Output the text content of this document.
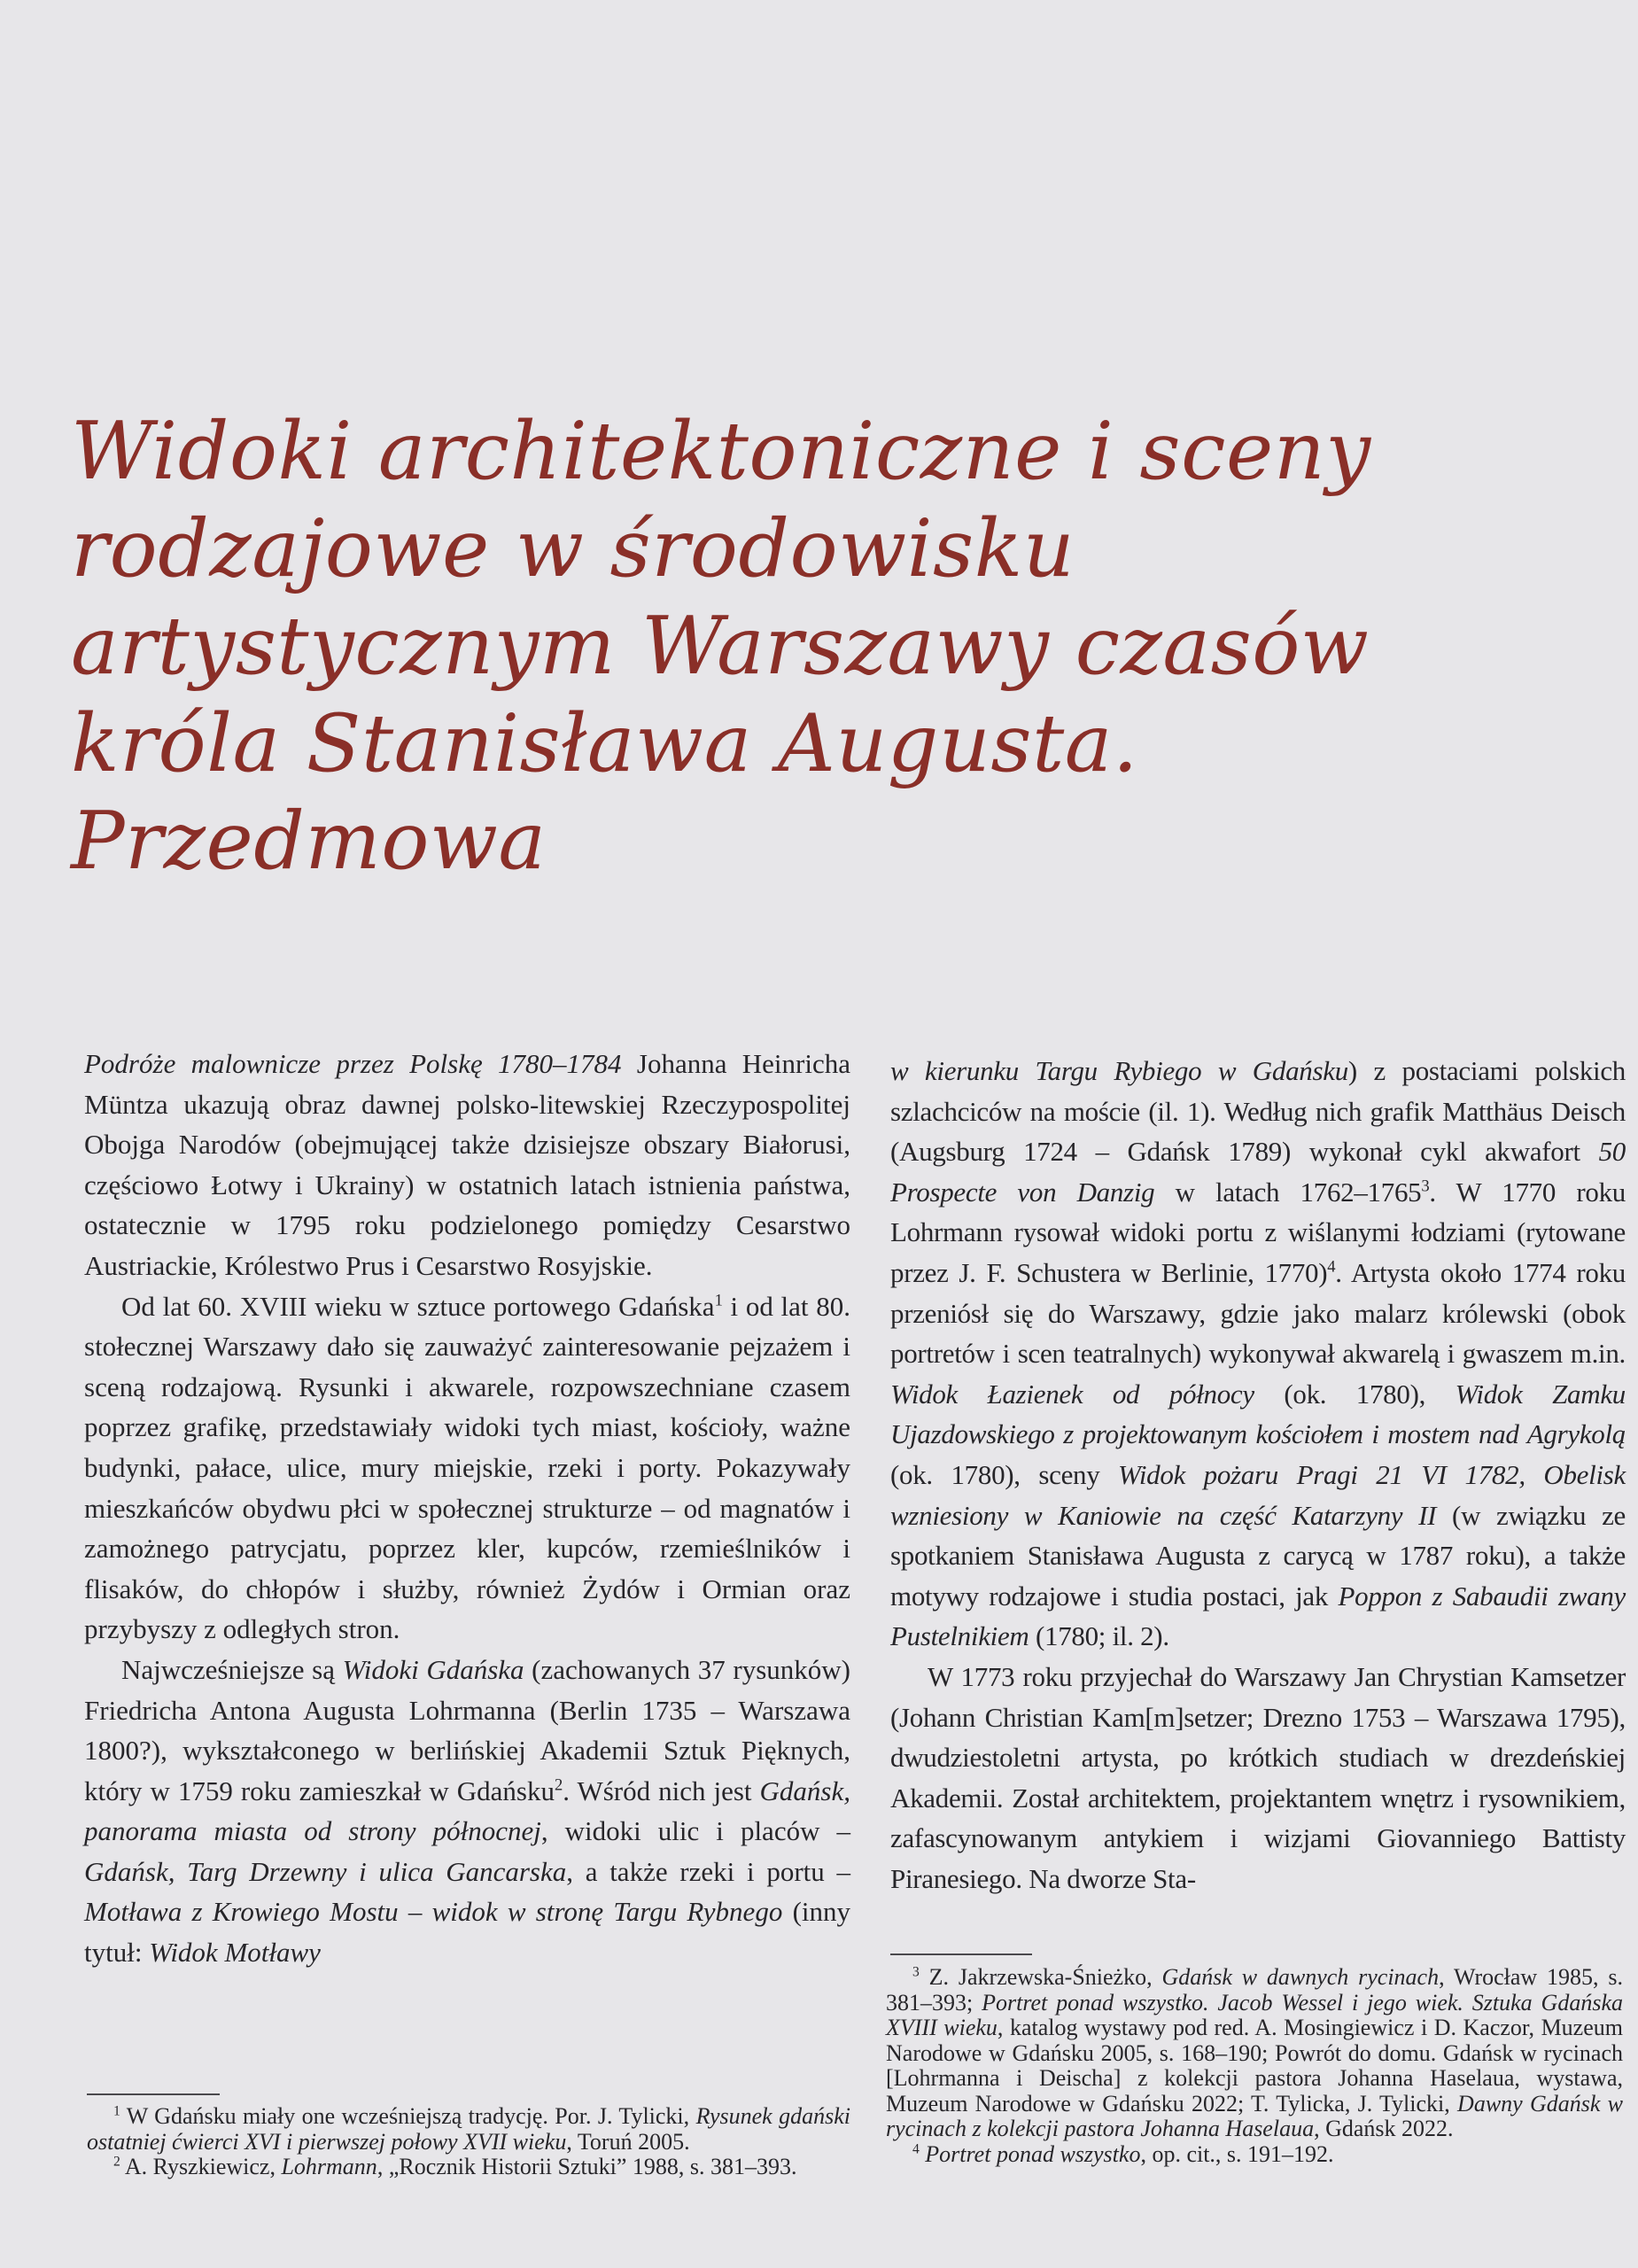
Widoki architektoniczne i sceny
rodzajowe w środowisku
artystycznym Warszawy czasów
króla Stanisława Augusta.
Przedmowa

Podróże malownicze przez Polskę 1780–1784 Johanna Heinricha Müntza ukazują obraz dawnej polsko-litewskiej Rzeczypospolitej Obojga Narodów (obejmującej także dzisiejsze obszary Białorusi, częściowo Łotwy i Ukrainy) w ostatnich latach istnienia państwa, ostatecznie w 1795 roku podzielonego pomiędzy Cesarstwo Austriackie, Królestwo Prus i Cesarstwo Rosyjskie.

Od lat 60. XVIII wieku w sztuce portowego Gdańska$^1$ i od lat 80. stołecznej Warszawy dało się zauważyć zainteresowanie pejzażem i sceną rodzajową. Rysunki i akwarele, rozpowszechniane czasem poprzez grafikę, przedstawiały widoki tych miast, kościoły, ważne budynki, pałace, ulice, mury miejskie, rzeki i porty. Pokazywały mieszkańców obydwu płci w społecznej strukturze – od magnatów i zamożnego patrycjatu, poprzez kler, kupców, rzemieślników i flisaków, do chłopów i służby, również Żydów i Ormian oraz przybyszy z odległych stron.

Najwcześniejsze są Widoki Gdańska (zachowanych 37 rysunków) Friedricha Antona Augusta Lohrmanna (Berlin 1735 – Warszawa 1800?), wykształconego w berlińskiej Akademii Sztuk Pięknych, który w 1759 roku zamieszkał w Gdańsku$^2$. Wśród nich jest Gdańsk, panorama miasta od strony północnej, widoki ulic i placów – Gdańsk, Targ Drzewny i ulica Gancarska, a także rzeki i portu – Motława z Krowiego Mostu – widok w stronę Targu Rybnego (inny tytuł: Widok Motławy

$^1$ W Gdańsku miały one wcześniejszą tradycję. Por. J. Tylicki, Rysunek gdański ostatniej ćwierci XVI i pierwszej połowy XVII wieku, Toruń 2005.

$^2$ A. Ryszkiewicz, Lohrmann, „Rocznik Historii Sztuki” 1988, s. 381–393.

w kierunku Targu Rybiego w Gdańsku) z postaciami polskich szlachciców na moście (il. 1). Według nich grafik Matthäus Deisch (Augsburg 1724 – Gdańsk 1789) wykonał cykl akwafort 50 Prospecte von Danzig w latach 1762–1765$^3$. W 1770 roku Lohrmann rysował widoki portu z wiślanymi łodziami (rytowane przez J. F. Schustera w Berlinie, 1770)$^4$. Artysta około 1774 roku przeniósł się do Warszawy, gdzie jako malarz królewski (obok portretów i scen teatralnych) wykonywał akwarelą i gwaszem m.in. Widok Łazienek od północy (ok. 1780), Widok Zamku Ujazdowskiego z projektowanym kościołem i mostem nad Agrykolą (ok. 1780), sceny Widok pożaru Pragi 21 VI 1782, Obelisk wzniesiony w Kaniowie na część Katarzyny II (w związku ze spotkaniem Stanisława Augusta z carycą w 1787 roku), a także motywy rodzajowe i studia postaci, jak Poppon z Sabaudii zwany Pustelnikiem (1780; il. 2).

W 1773 roku przyjechał do Warszawy Jan Chrystian Kamsetzer (Johann Christian Kam[m]setzer; Drezno 1753 – Warszawa 1795), dwudziestoletni artysta, po krótkich studiach w drezdeńskiej Akademii. Został architektem, projektantem wnętrz i rysownikiem, zafascynowanym antykiem i wizjami Giovanniego Battisty Piranesiego. Na dworze Sta-

$^3$ Z. Jakrzewska-Śnieżko, Gdańsk w dawnych rycinach, Wrocław 1985, s. 381–393; Portret ponad wszystko. Jacob Wessel i jego wiek. Sztuka Gdańska XVIII wieku, katalog wystawy pod red. A. Mosingiewicz i D. Kaczor, Muzeum Narodowe w Gdańsku 2005, s. 168–190; Powrót do domu. Gdańsk w rycinach [Lohrmanna i Deischa] z kolekcji pastora Johanna Haselaua, wystawa, Muzeum Narodowe w Gdańsku 2022; T. Tylicka, J. Tylicki, Dawny Gdańsk w rycinach z kolekcji pastora Johanna Haselaua, Gdańsk 2022.

$^4$ Portret ponad wszystko, op. cit., s. 191–192.
